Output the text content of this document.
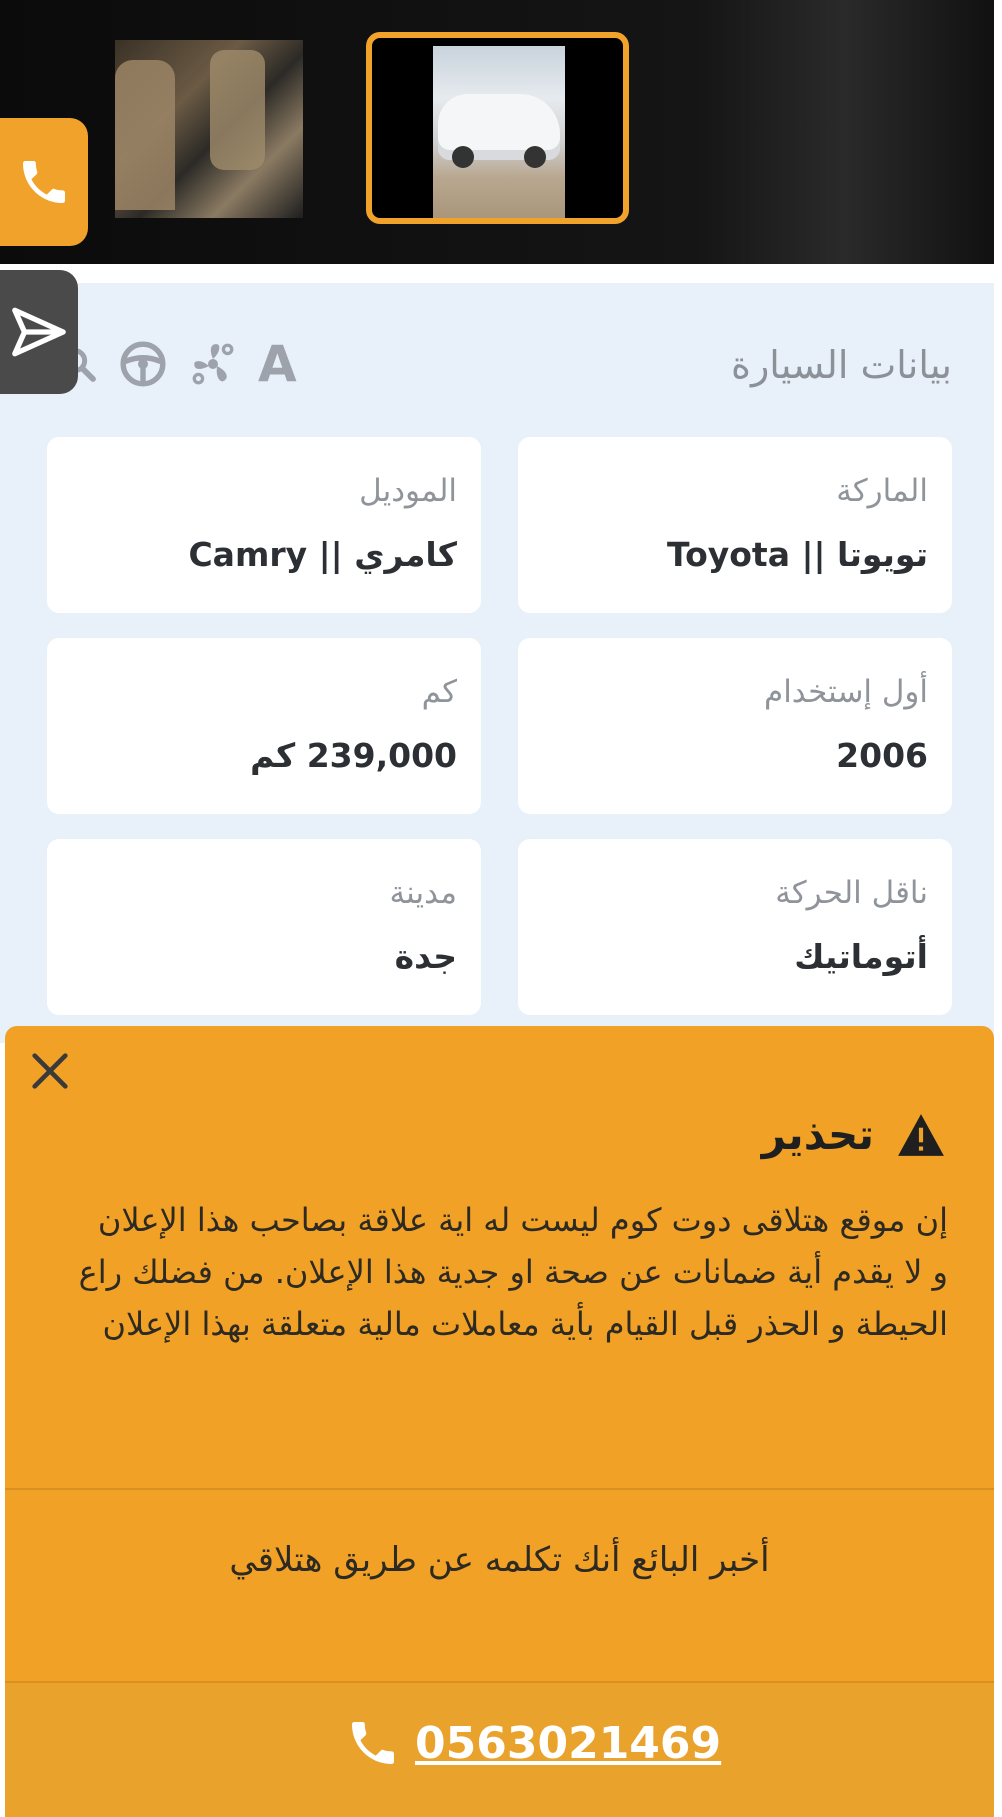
بيانات السيارة
A
الماركة
تويوتا || Toyota
الموديل
كامري || Camry
أول إستخدام
2006
كم
239,000 كم
ناقل الحركة
أتوماتيك
مدينة
جدة
تحذير
إن موقع هتلاقى دوت كوم ليست له اية علاقة بصاحب هذا الإعلان و لا يقدم أية ضمانات عن صحة او جدية هذا الإعلان. من فضلك راع الحيطة و الحذر قبل القيام بأية معاملات مالية متعلقة بهذا الإعلان
أخبر البائع أنك تكلمه عن طريق هتلاقي
0563021469
